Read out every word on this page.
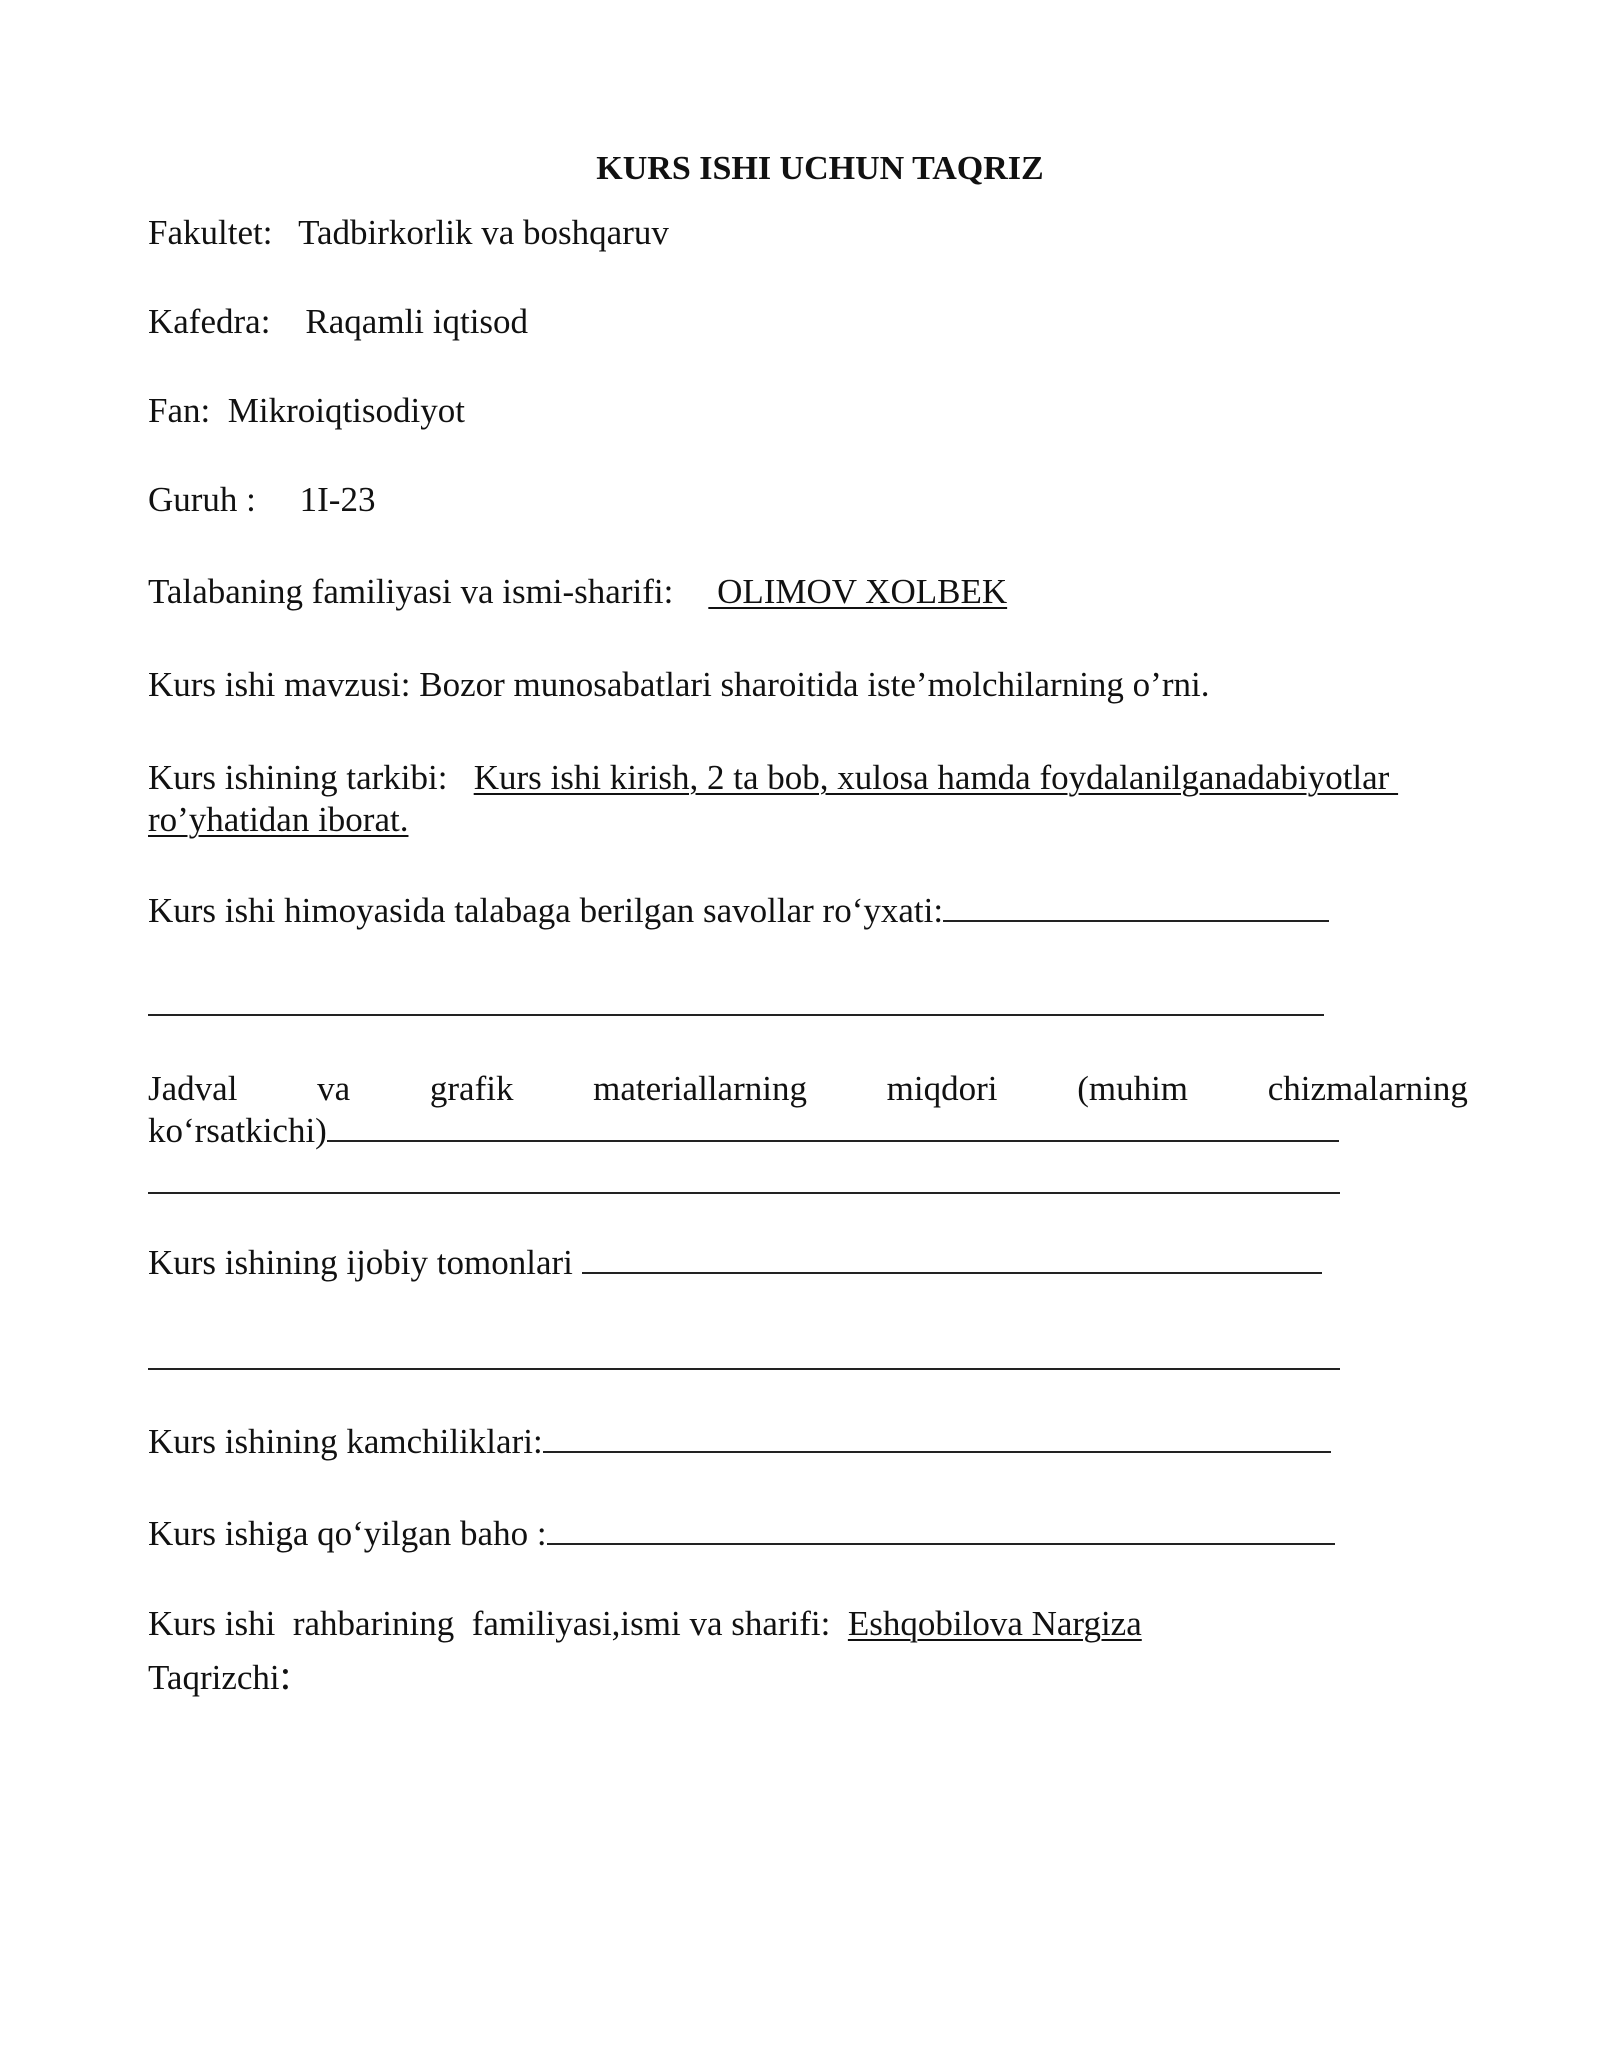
KURS ISHI UCHUN TAQRIZ
Fakultet: Tadbirkorlik va boshqaruv
Kafedra: Raqamli iqtisod
Fan: Mikroiqtisodiyot
Guruh : 1I-23
Talabaning familiyasi va ismi-sharifi:     OLIMOV XOLBEK
Kurs ishi mavzusi: Bozor munosabatlari sharoitida iste’molchilarning o’rni.
Kurs ishining tarkibi: Kurs ishi kirish, 2 ta bob, xulosa hamda foydalanilganadabiyotlar
ro’yhatidan iborat.
Kurs ishi himoyasida talabaga berilgan savollar ro‘yxati:
Jadval va grafik materiallarning miqdori (muhim chizmalarning
ko‘rsatkichi)
Kurs ishining ijobiy tomonlari
Kurs ishining kamchiliklari:
Kurs ishiga qo‘yilgan baho :
Kurs ishi  rahbarining  familiyasi,ismi va sharifi: Eshqobilova Nargiza
Taqrizchi:
